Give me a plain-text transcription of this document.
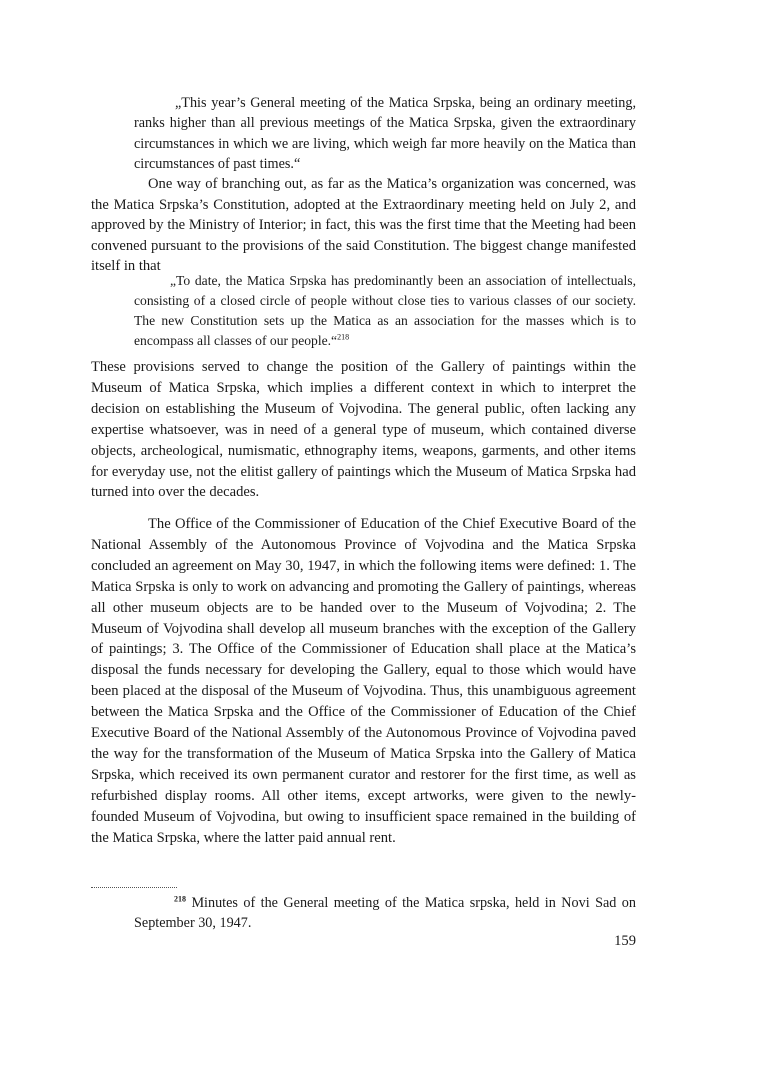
„This year’s General meeting of the Matica Srpska, being an ordinary meeting, ranks higher than all previous meetings of the Matica Srpska, given the extraordinary circumstances in which we are living, which weigh far more heavily on the Matica than circumstances of past times.“

One way of branching out, as far as the Matica’s organization was concerned, was the Matica Srpska’s Constitution, adopted at the Extraordinary meeting held on July 2, and approved by the Ministry of Interior; in fact, this was the first time that the Meeting had been convened pursuant to the provisions of the said Constitution. The biggest change manifested itself in that

„To date, the Matica Srpska has predominantly been an association of intellectuals, consisting of a closed circle of people without close ties to various classes of our society. The new Constitution sets up the Matica as an association for the masses which is to encompass all classes of our people.“$^{218}$

These provisions served to change the position of the Gallery of paintings within the Museum of Matica Srpska, which implies a different context in which to interpret the decision on establishing the Museum of Vojvodina. The general public, often lacking any expertise whatsoever, was in need of a general type of museum, which contained diverse objects, archeological, numismatic, ethnography items, weapons, garments, and other items for everyday use, not the elitist gallery of paintings which the Museum of Matica Srpska had turned into over the decades.

The Office of the Commissioner of Education of the Chief Executive Board of the National Assembly of the Autonomous Province of Vojvodina and the Matica Srpska concluded an agreement on May 30, 1947, in which the following items were defined: 1. The Matica Srpska is only to work on advancing and promoting the Gallery of paintings, whereas all other museum objects are to be handed over to the Museum of Vojvodina; 2. The Museum of Vojvodina shall develop all museum branches with the exception of the Gallery of paintings; 3. The Office of the Commissioner of Education shall place at the Matica’s disposal the funds necessary for developing the Gallery, equal to those which would have been placed at the disposal of the Museum of Vojvodina. Thus, this unambiguous agreement between the Matica Srpska and the Office of the Commissioner of Education of the Chief Executive Board of the National Assembly of the Autonomous Province of Vojvodina paved the way for the transformation of the Museum of Matica Srpska into the Gallery of Matica Srpska, which received its own permanent curator and restorer for the first time, as well as refurbished display rooms. All other items, except artworks, were given to the newly-founded Museum of Vojvodina, but owing to insufficient space remained in the building of the Matica Srpska, where the latter paid annual rent.

$^{218}$ Minutes of the General meeting of the Matica srpska, held in Novi Sad on September 30, 1947.

159
